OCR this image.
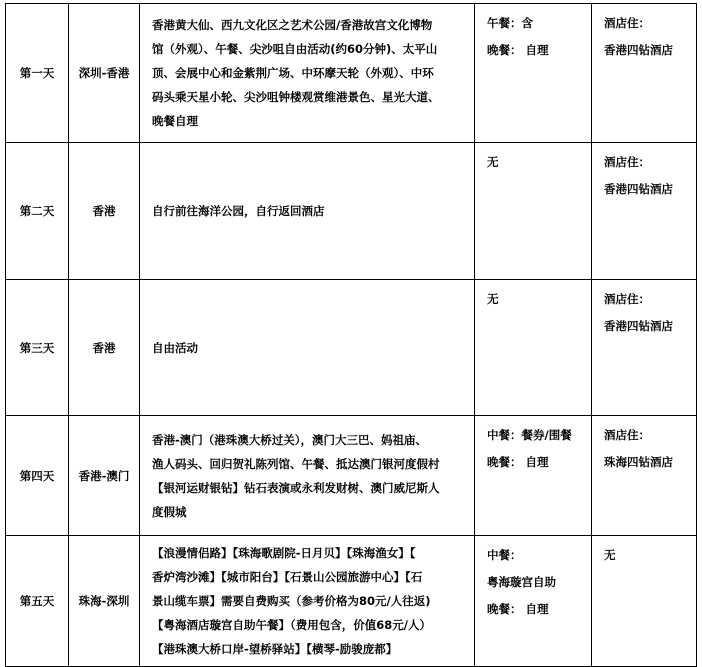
第一天	深圳-香港	香港黄大仙、西九文化区之艺术公园/香港故宫文化博物
馆（外观）、午餐、尖沙咀自由活动(约60分钟)、太平山
顶、会展中心和金紫荆广场、中环摩天轮（外观）、中环
码头乘天星小轮、尖沙咀钟楼观赏维港景色、星光大道、
晚餐自理	午餐：含
晚餐： 自理	酒店住：
香港四钻酒店

第二天	香港	自行前往海洋公园，自行返回酒店	无	酒店住：
香港四钻酒店

第三天	香港	自由活动	无	酒店住：
香港四钻酒店

第四天	香港-澳门	香港-澳门（港珠澳大桥过关），澳门大三巴、妈祖庙、
渔人码头、回归贺礼陈列馆、午餐、抵达澳门银河度假村
【银河运财银钻】钻石表演或永利发财树、澳门威尼斯人
度假城	中餐：餐券/围餐
晚餐： 自理	酒店住：
珠海四钻酒店

第五天	珠海-深圳	【浪漫情侣路】【珠海歌剧院-日月贝】【珠海渔女】【
香炉湾沙滩】【城市阳台】【石景山公园旅游中心】【石
景山缆车票】需要自费购买（参考价格为80元/人往返)
【粤海酒店璇宫自助午餐】（费用包含，价值68元/人）
【港珠澳大桥口岸-望桥驿站】【横琴-励骏庞都】	中餐：
粤海璇宫自助
晚餐： 自理	无
